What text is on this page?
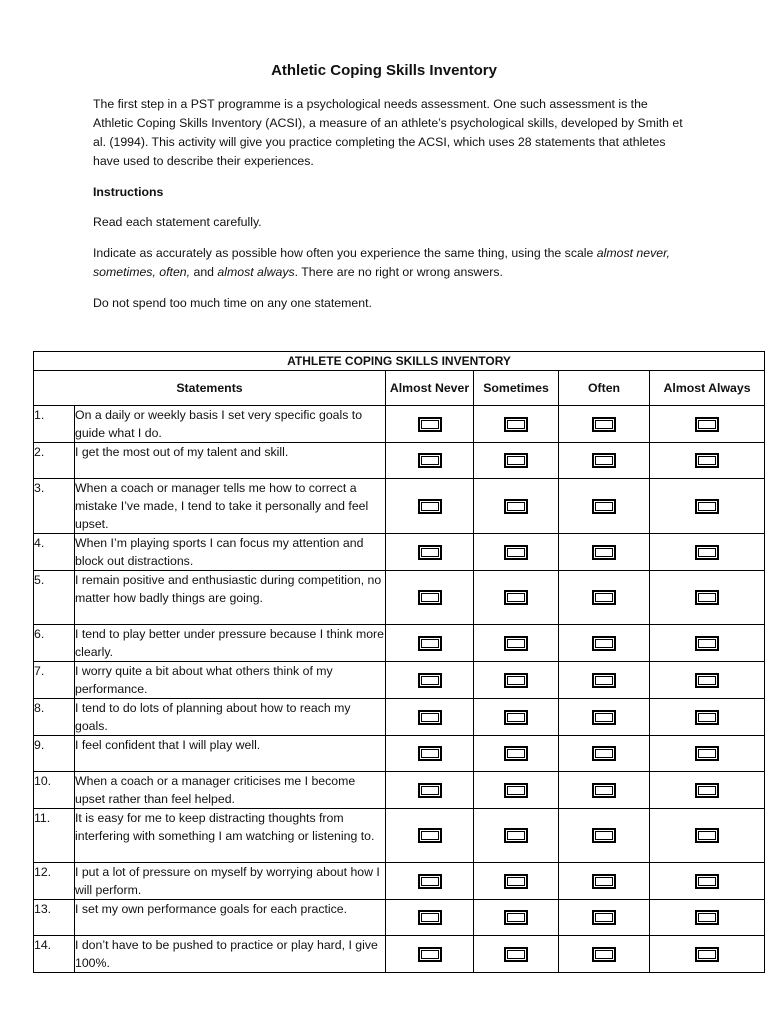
Athletic Coping Skills Inventory

The first step in a PST programme is a psychological needs assessment. One such assessment is the Athletic Coping Skills Inventory (ACSI), a measure of an athlete’s psychological skills, developed by Smith et al. (1994). This activity will give you practice completing the ACSI, which uses 28 statements that athletes have used to describe their experiences.

Instructions
Read each statement carefully.
Indicate as accurately as possible how often you experience the same thing, using the scale almost never, sometimes, often, and almost always. There are no right or wrong answers.
Do not spend too much time on any one statement.
ATHLETE COPING SKILLS INVENTORY					
Statements		Almost Never	Sometimes	Often	Almost Always
1.	On a daily or weekly basis I set very specific goals to guide what I do.				
2.	I get the most out of my talent and skill.				
3.	When a coach or manager tells me how to correct a mistake I’ve made, I tend to take it personally and feel upset.				
4.	When I’m playing sports I can focus my attention and block out distractions.				
5.	I remain positive and enthusiastic during competition, no matter how badly things are going.				
6.	I tend to play better under pressure because I think more clearly.				
7.	I worry quite a bit about what others think of my performance.				
8.	I tend to do lots of planning about how to reach my goals.				
9.	I feel confident that I will play well.				
10.	When a coach or a manager criticises me I become upset rather than feel helped.				
11.	It is easy for me to keep distracting thoughts from interfering with something I am watching or listening to.				
12.	I put a lot of pressure on myself by worrying about how I will perform.				
13.	I set my own performance goals for each practice.				
14.	I don’t have to be pushed to practice or play hard, I give 100%.				
